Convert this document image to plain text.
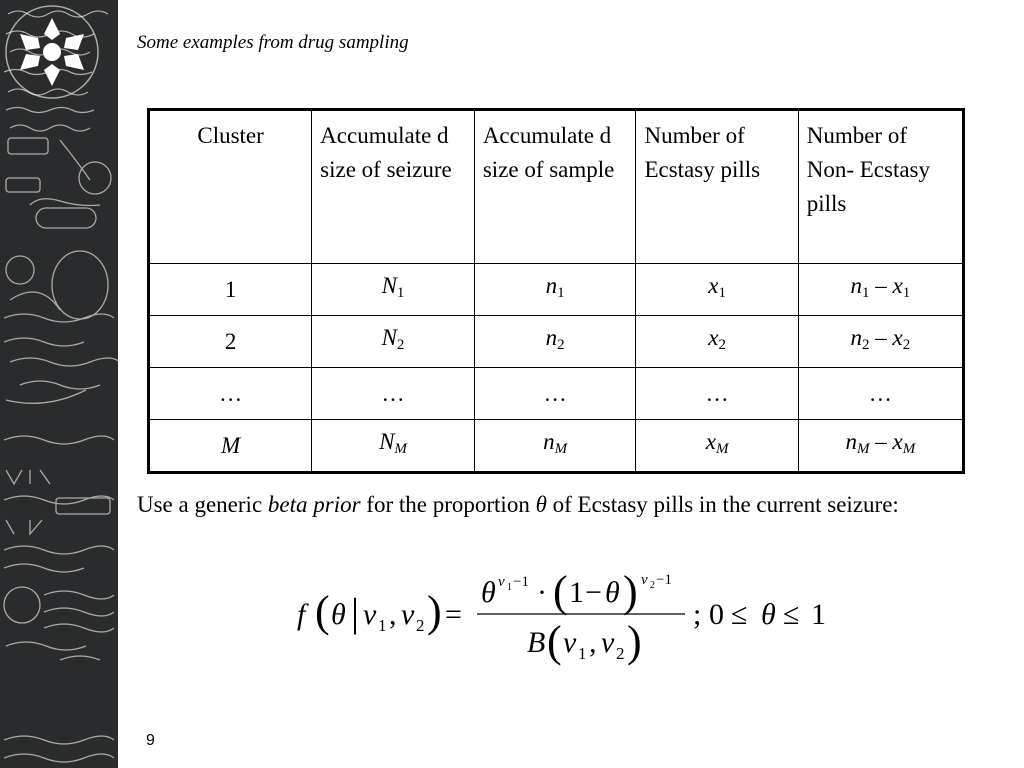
Some examples from drug sampling
Cluster	Accumulate d size of seizure	Accumulate d size of sample	Number of Ecstasy pills	Number of Non- Ecstasy pills
1	$N_1$	$n_1$	$x_1$	$n_1 - x_1$
2	$N_2$	$n_2$	$x_2$	$n_2 - x_2$
…	…	…	…	…
M	$N_M$	$n_M$	$x_M$	$n_M - x_M$
Use a generic beta prior for the proportion θ of Ecstasy pills in the current seizure:
f ( θ | ν 1 , ν 2 ) =
θ ν 1 −1 · ( 1 − θ ) ν 2 −1
B ( ν 1 , ν 2 )
; 0 ≤ θ ≤ 1
9
